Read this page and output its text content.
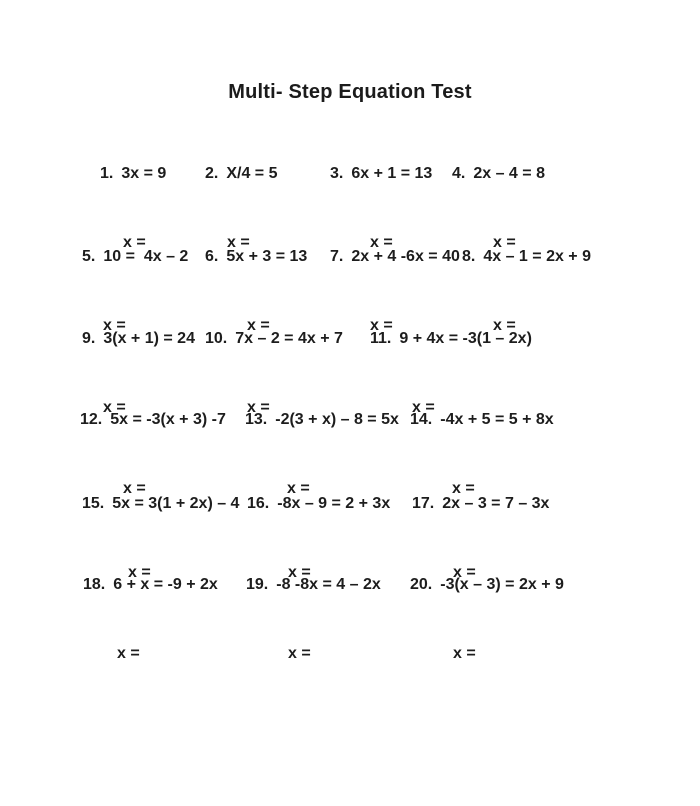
Multi- Step Equation Test

1. 3x = 9

x =

2. X/4 = 5

x =

3. 6x + 1 = 13

x =

4. 2x – 4 = 8

x =

5. 10 =  4x – 2

x =

6. 5x + 3 = 13

x =

7. 2x + 4 -6x = 40

x =

8. 4x – 1 = 2x + 9

x =

9. 3(x + 1) = 24

x =

10. 7x – 2 = 4x + 7

x =

11. 9 + 4x = -3(1 – 2x)

x =

12. 5x = -3(x + 3) -7

x =

13. -2(3 + x) – 8 = 5x

x =

14. -4x + 5 = 5 + 8x

x =

15. 5x = 3(1 + 2x) – 4

x =

16. -8x – 9 = 2 + 3x

x =

17. 2x – 3 = 7 – 3x

x =

18. 6 + x = -9 + 2x

x =

19. -8 -8x = 4 – 2x

x =

20. -3(x – 3) = 2x + 9

x =
